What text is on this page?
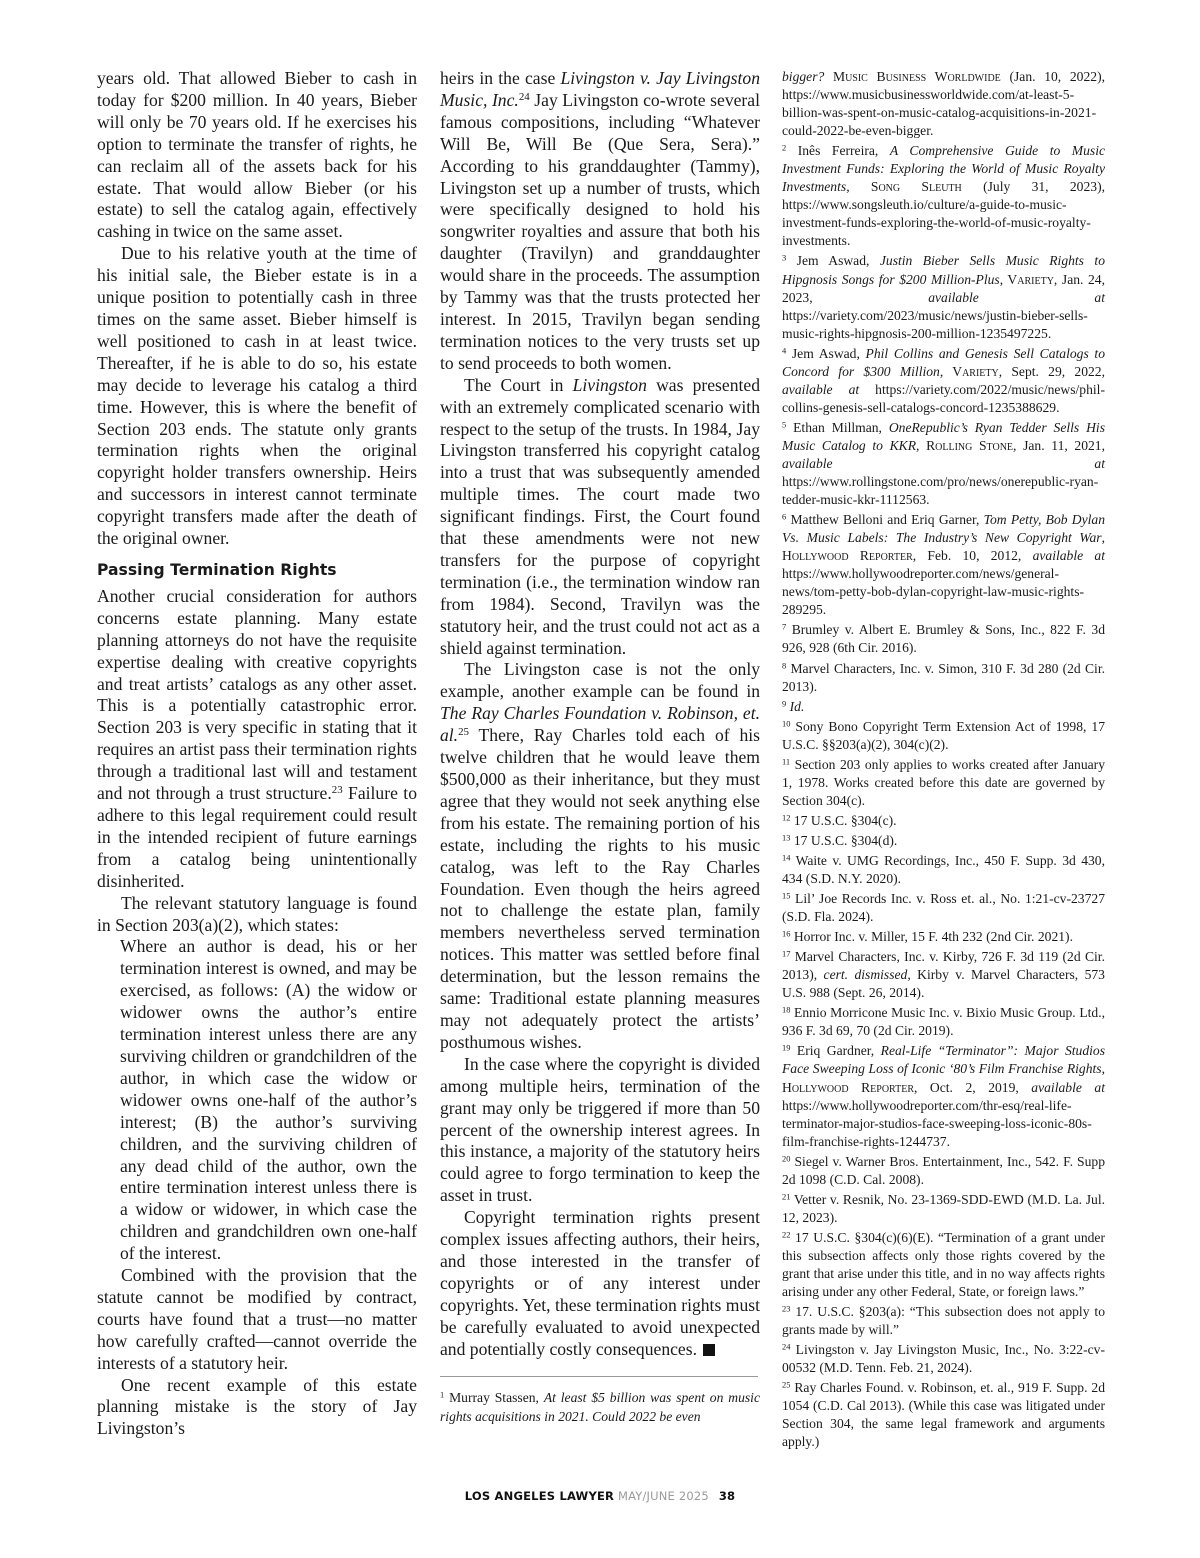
years old. That allowed Bieber to cash in today for $200 million. In 40 years, Bieber will only be 70 years old. If he exercises his option to terminate the transfer of rights, he can reclaim all of the assets back for his estate. That would allow Bieber (or his estate) to sell the catalog again, effectively cashing in twice on the same asset.

Due to his relative youth at the time of his initial sale, the Bieber estate is in a unique position to potentially cash in three times on the same asset. Bieber himself is well positioned to cash in at least twice. Thereafter, if he is able to do so, his estate may decide to leverage his catalog a third time. However, this is where the benefit of Section 203 ends. The statute only grants termination rights when the original copyright holder transfers ownership. Heirs and successors in interest cannot terminate copyright transfers made after the death of the original owner.

Passing Termination Rights

Another crucial consideration for authors concerns estate planning. Many estate planning attorneys do not have the requisite expertise dealing with creative copyrights and treat artists’ catalogs as any other asset. This is a potentially catastrophic error. Section 203 is very specific in stating that it requires an artist pass their termination rights through a traditional last will and testament and not through a trust structure.$^{23}$ Failure to adhere to this legal requirement could result in the intended recipient of future earnings from a catalog being unintentionally disinherited.

The relevant statutory language is found in Section 203(a)(2), which states:

Where an author is dead, his or her termination interest is owned, and may be exercised, as follows: (A) the widow or widower owns the author’s entire termination interest unless there are any surviving children or grandchildren of the author, in which case the widow or widower owns one-half of the author’s interest; (B) the author’s surviving children, and the surviving children of any dead child of the author, own the entire termination interest unless there is a widow or widower, in which case the children and grandchildren own one-half of the interest.

Combined with the provision that the statute cannot be modified by contract, courts have found that a trust—no matter how carefully crafted—cannot override the interests of a statutory heir.

One recent example of this estate planning mistake is the story of Jay Livingston’s

heirs in the case Livingston v. Jay Livingston Music, Inc.$^{24}$ Jay Livingston co-wrote several famous compositions, including “Whatever Will Be, Will Be (Que Sera, Sera).” According to his granddaughter (Tammy), Livingston set up a number of trusts, which were specifically designed to hold his songwriter royalties and assure that both his daughter (Travilyn) and granddaughter would share in the proceeds. The assumption by Tammy was that the trusts protected her interest. In 2015, Travilyn began sending termination notices to the very trusts set up to send proceeds to both women.

The Court in Livingston was presented with an extremely complicated scenario with respect to the setup of the trusts. In 1984, Jay Livingston transferred his copyright catalog into a trust that was subsequently amended multiple times. The court made two significant findings. First, the Court found that these amendments were not new transfers for the purpose of copyright termination (i.e., the termination window ran from 1984). Second, Travilyn was the statutory heir, and the trust could not act as a shield against termination.

The Livingston case is not the only example, another example can be found in The Ray Charles Foundation v. Robinson, et. al.$^{25}$ There, Ray Charles told each of his twelve children that he would leave them $500,000 as their inheritance, but they must agree that they would not seek anything else from his estate. The remaining portion of his estate, including the rights to his music catalog, was left to the Ray Charles Foundation. Even though the heirs agreed not to challenge the estate plan, family members nevertheless served termination notices. This matter was settled before final determination, but the lesson remains the same: Traditional estate planning measures may not adequately protect the artists’ posthumous wishes.

In the case where the copyright is divided among multiple heirs, termination of the grant may only be triggered if more than 50 percent of the ownership interest agrees. In this instance, a majority of the statutory heirs could agree to forgo termination to keep the asset in trust.

Copyright termination rights present complex issues affecting authors, their heirs, and those interested in the transfer of copyrights or of any interest under copyrights. Yet, these termination rights must be carefully evaluated to avoid unexpected and potentially costly consequences.

$^1$ Murray Stassen, At least $5 billion was spent on music rights acquisitions in 2021. Could 2022 be even

bigger? Music Business Worldwide (Jan. 10, 2022), https://www.musicbusinessworldwide.com/at-least-5-billion-was-spent-on-music-catalog-acquisitions-in-2021-could-2022-be-even-bigger.

$^2$ Inês Ferreira, A Comprehensive Guide to Music Investment Funds: Exploring the World of Music Royalty Investments, Song Sleuth (July 31, 2023), https://www.songsleuth.io/culture/a-guide-to-music-investment-funds-exploring-the-world-of-music-royalty-investments.

$^3$ Jem Aswad, Justin Bieber Sells Music Rights to Hipgnosis Songs for $200 Million-Plus, Variety, Jan. 24, 2023, available at https://variety.com/2023/music/news/justin-bieber-sells-music-rights-hipgnosis-200-million-1235497225.

$^4$ Jem Aswad, Phil Collins and Genesis Sell Catalogs to Concord for $300 Million, Variety, Sept. 29, 2022, available at https://variety.com/2022/music/news/phil-collins-genesis-sell-catalogs-concord-1235388629.

$^5$ Ethan Millman, OneRepublic’s Ryan Tedder Sells His Music Catalog to KKR, Rolling Stone, Jan. 11, 2021, available at https://www.rollingstone.com/pro/news/onerepublic-ryan-tedder-music-kkr-1112563.

$^6$ Matthew Belloni and Eriq Garner, Tom Petty, Bob Dylan Vs. Music Labels: The Industry’s New Copyright War, Hollywood Reporter, Feb. 10, 2012, available at https://www.hollywoodreporter.com/news/general-news/tom-petty-bob-dylan-copyright-law-music-rights-289295.

$^7$ Brumley v. Albert E. Brumley & Sons, Inc., 822 F. 3d 926, 928 (6th Cir. 2016).

$^8$ Marvel Characters, Inc. v. Simon, 310 F. 3d 280 (2d Cir. 2013).

$^9$ Id.

$^{10}$ Sony Bono Copyright Term Extension Act of 1998, 17 U.S.C. §§203(a)(2), 304(c)(2).

$^{11}$ Section 203 only applies to works created after January 1, 1978. Works created before this date are governed by Section 304(c).

$^{12}$ 17 U.S.C. §304(c).

$^{13}$ 17 U.S.C. §304(d).

$^{14}$ Waite v. UMG Recordings, Inc., 450 F. Supp. 3d 430, 434 (S.D. N.Y. 2020).

$^{15}$ Lil’ Joe Records Inc. v. Ross et. al., No. 1:21-cv-23727 (S.D. Fla. 2024).

$^{16}$ Horror Inc. v. Miller, 15 F. 4th 232 (2nd Cir. 2021).

$^{17}$ Marvel Characters, Inc. v. Kirby, 726 F. 3d 119 (2d Cir. 2013), cert. dismissed, Kirby v. Marvel Characters, 573 U.S. 988 (Sept. 26, 2014).

$^{18}$ Ennio Morricone Music Inc. v. Bixio Music Group. Ltd., 936 F. 3d 69, 70 (2d Cir. 2019).

$^{19}$ Eriq Gardner, Real-Life “Terminator”: Major Studios Face Sweeping Loss of Iconic ‘80’s Film Franchise Rights, Hollywood Reporter, Oct. 2, 2019, available at https://www.hollywoodreporter.com/thr-esq/real-life-terminator-major-studios-face-sweeping-loss-iconic-80s-film-franchise-rights-1244737.

$^{20}$ Siegel v. Warner Bros. Entertainment, Inc., 542. F. Supp 2d 1098 (C.D. Cal. 2008).

$^{21}$ Vetter v. Resnik, No. 23-1369-SDD-EWD (M.D. La. Jul. 12, 2023).

$^{22}$ 17 U.S.C. §304(c)(6)(E). “Termination of a grant under this subsection affects only those rights covered by the grant that arise under this title, and in no way affects rights arising under any other Federal, State, or foreign laws.”

$^{23}$ 17. U.S.C. §203(a): “This subsection does not apply to grants made by will.”

$^{24}$ Livingston v. Jay Livingston Music, Inc., No. 3:22-cv-00532 (M.D. Tenn. Feb. 21, 2024).

$^{25}$ Ray Charles Found. v. Robinson, et. al., 919 F. Supp. 2d 1054 (C.D. Cal 2013). (While this case was litigated under Section 304, the same legal framework and arguments apply.)

LOS ANGELES LAWYER MAY/JUNE 2025 38
